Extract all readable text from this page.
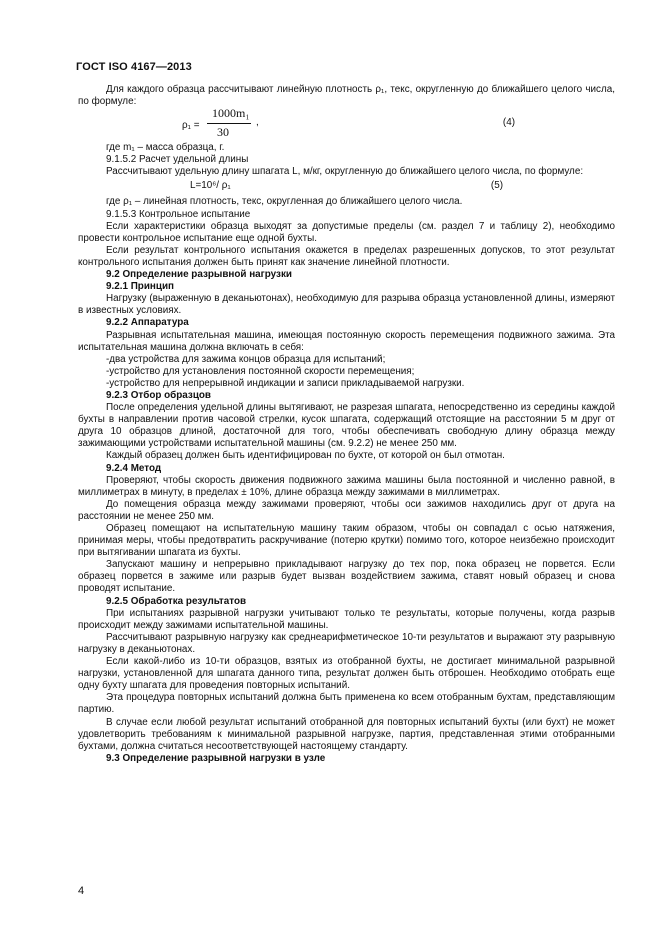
ГОСТ ISO 4167—2013

Для каждого образца рассчитывают линейную плотность ρ₁, текс, округленную до ближайшего целого числа, по формуле:

ρ₁ =
1000m₁
30
,	(4)

где m₁ – масса образца, г.

9.1.5.2 Расчет удельной длины

Рассчитывают удельную длину шпагата L, м/кг, округленную до ближайшего целого числа, по формуле:

L=10⁶/ ρ₁	(5)

где ρ₁ – линейная плотность, текс, округленная до ближайшего целого числа.

9.1.5.3 Контрольное испытание

Если характеристики образца выходят за допустимые пределы (см. раздел 7 и таблицу 2), необходимо провести контрольное испытание еще одной бухты.

Если результат контрольного испытания окажется в пределах разрешенных допусков, то этот результат контрольного испытания должен быть принят как значение линейной плотности.

9.2 Определение разрывной нагрузки

9.2.1 Принцип

Нагрузку (выраженную в деканьютонах), необходимую для разрыва образца установленной длины, измеряют в известных условиях.

9.2.2 Аппаратура

Разрывная испытательная машина, имеющая постоянную скорость перемещения подвижного зажима. Эта испытательная машина должна включать в себя:

-два устройства для зажима концов образца для испытаний;

-устройство для установления постоянной скорости перемещения;

-устройство для непрерывной индикации и записи прикладываемой нагрузки.

9.2.3 Отбор образцов

После определения удельной длины вытягивают, не разрезая шпагата, непосредственно из середины каждой бухты в направлении против часовой стрелки, кусок шпагата, содержащий отстоящие на расстоянии 5 м друг от друга 10 образцов длиной, достаточной для того, чтобы обеспечивать свободную длину образца между зажимающими устройствами испытательной машины (см. 9.2.2) не менее 250 мм.

Каждый образец должен быть идентифицирован по бухте, от которой он был отмотан.

9.2.4 Метод

Проверяют, чтобы скорость движения подвижного зажима машины была постоянной и численно равной, в миллиметрах в минуту, в пределах ± 10%, длине образца между зажимами в миллиметрах.

До помещения образца между зажимами проверяют, чтобы оси зажимов находились друг от друга на расстоянии не менее 250 мм.

Образец помещают на испытательную машину таким образом, чтобы он совпадал с осью натяжения, принимая меры, чтобы предотвратить раскручивание (потерю крутки) помимо того, которое неизбежно происходит при вытягивании шпагата из бухты.

Запускают машину и непрерывно прикладывают нагрузку до тех пор, пока образец не порвется. Если образец порвется в зажиме или разрыв будет вызван воздействием зажима, ставят новый образец и снова проводят испытание.

9.2.5 Обработка результатов

При испытаниях разрывной нагрузки учитывают только те результаты, которые получены, когда разрыв происходит между зажимами испытательной машины.

Рассчитывают разрывную нагрузку как среднеарифметическое 10-ти результатов и выражают эту разрывную нагрузку в деканьютонах.

Если какой-либо из 10-ти образцов, взятых из отобранной бухты, не достигает минимальной разрывной нагрузки, установленной для шпагата данного типа, результат должен быть отброшен. Необходимо отобрать еще одну бухту шпагата для проведения повторных испытаний.

Эта процедура повторных испытаний должна быть применена ко всем отобранным бухтам, представляющим партию.

В случае если любой результат испытаний отобранной для повторных испытаний бухты (или бухт) не может удовлетворить требованиям к минимальной разрывной нагрузке, партия, представленная этими отобранными бухтами, должна считаться несоответствующей настоящему стандарту.

9.3 Определение разрывной нагрузки в узле

4
